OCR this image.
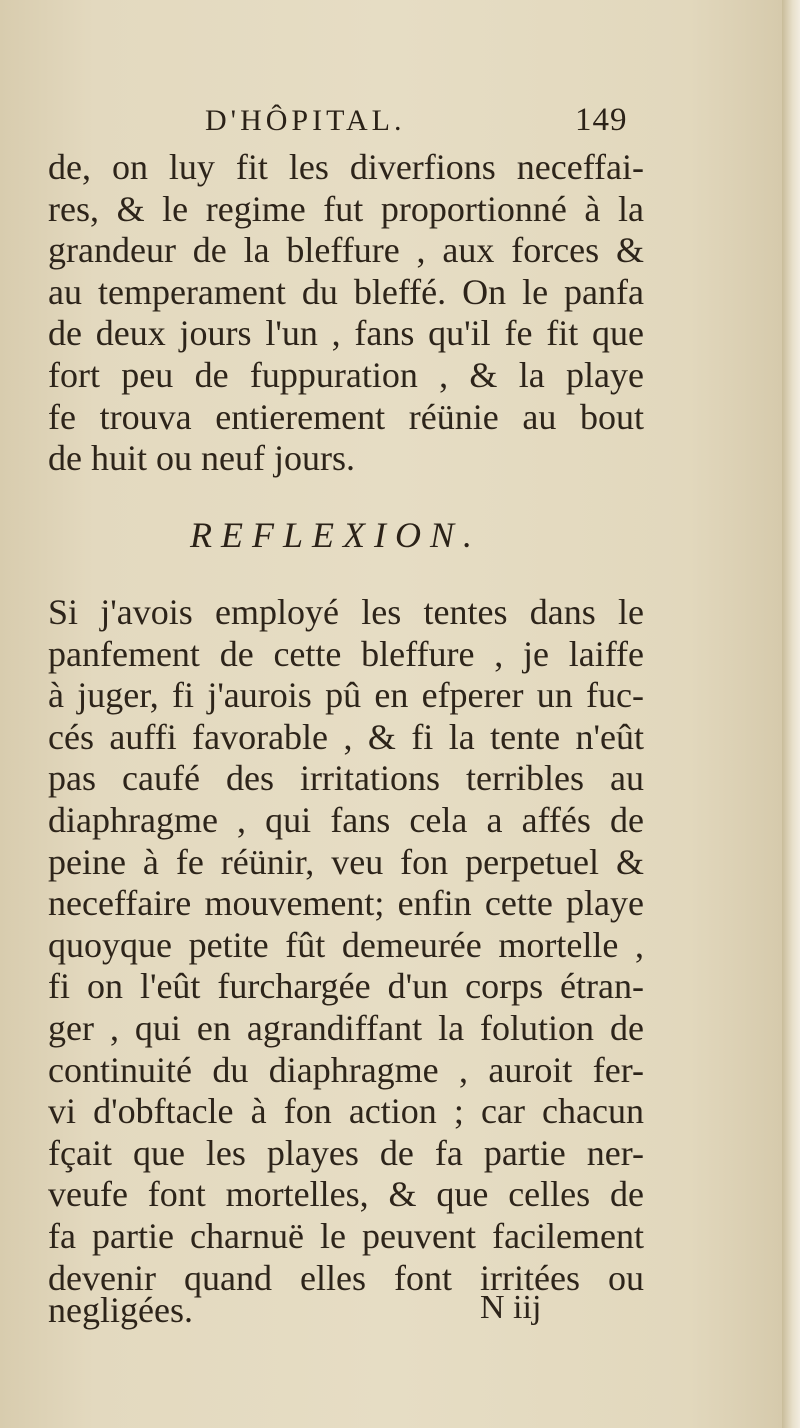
D'HÔPITAL.	149
de, on luy fit les diverfions neceffai-
res, & le regime fut proportionné à la
grandeur de la bleffure , aux forces &
au temperament du bleffé. On le panfa
de deux jours l'un , fans qu'il fe fit que
fort peu de fuppuration , & la playe
fe trouva entierement réünie au bout
de huit ou neuf jours.
REFLEXION.
Si j'avois employé les tentes dans le
panfement de cette bleffure , je laiffe
à juger, fi j'aurois pû en efperer un fuc-
cés auffi favorable , & fi la tente n'eût
pas caufé des irritations terribles au
diaphragme , qui fans cela a affés de
peine à fe réünir, veu fon perpetuel &
neceffaire mouvement; enfin cette playe
quoyque petite fût demeurée mortelle ,
fi on l'eût furchargée d'un corps étran-
ger , qui en agrandiffant la folution de
continuité du diaphragme , auroit fer-
vi d'obftacle à fon action ; car chacun
fçait que les playes de fa partie ner-
veufe font mortelles, & que celles de
fa partie charnuë le peuvent facilement
devenir quand elles font irritées ou
negligées.	N iij
